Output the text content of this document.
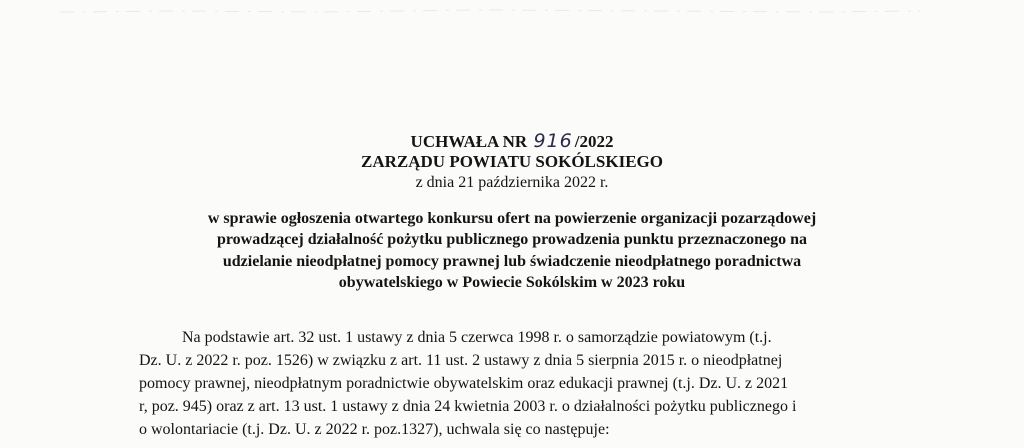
UCHWAŁA NR 916 /2022
ZARZĄDU POWIATU SOKÓLSKIEGO
z dnia 21 października 2022 r.
w sprawie ogłoszenia otwartego konkursu ofert na powierzenie organizacji pozarządowej
prowadzącej działalność pożytku publicznego prowadzenia punktu przeznaczonego na
udzielanie nieodpłatnej pomocy prawnej lub świadczenie nieodpłatnego poradnictwa
obywatelskiego w Powiecie Sokólskim w 2023 roku
Na podstawie art. 32 ust. 1 ustawy z dnia 5 czerwca 1998 r. o samorządzie powiatowym (t.j.
Dz. U. z 2022 r. poz. 1526) w związku z art. 11 ust. 2 ustawy z dnia 5 sierpnia 2015 r. o nieodpłatnej
pomocy prawnej, nieodpłatnym poradnictwie obywatelskim oraz edukacji prawnej (t.j. Dz. U. z 2021
r, poz. 945) oraz z art. 13 ust. 1 ustawy z dnia 24 kwietnia 2003 r. o działalności pożytku publicznego i
o wolontariacie (t.j. Dz. U. z 2022 r. poz.1327), uchwala się co następuje:
